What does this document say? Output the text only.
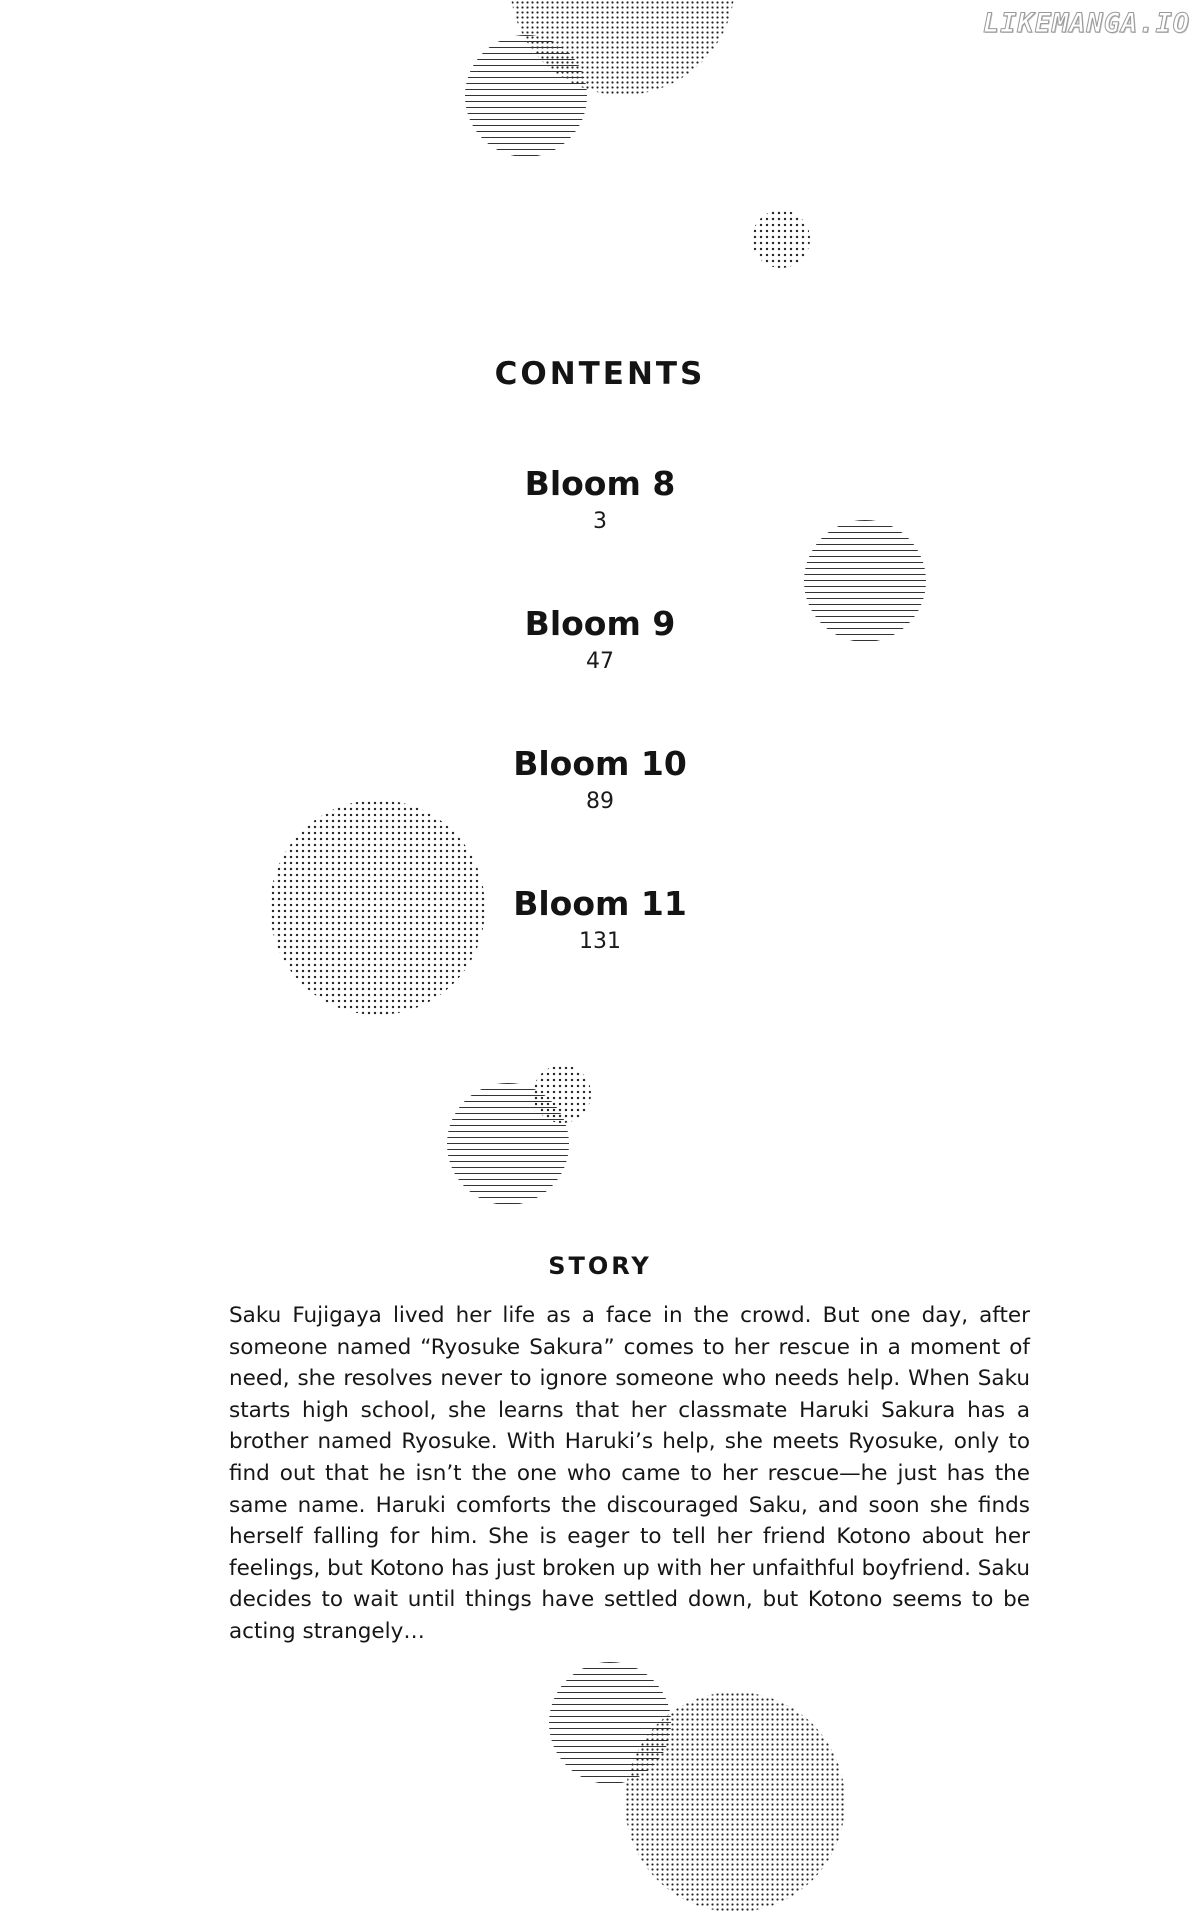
LIKEMANGA.IO
CONTENTS
Bloom 8
3
Bloom 9
47
Bloom 10
89
Bloom 11
131
STORY

Saku Fujigaya lived her life as a face in the crowd. But one day, after someone named “Ryosuke Sakura” comes to her rescue in a moment of need, she resolves never to ignore someone who needs help. When Saku starts high school, she learns that her classmate Haruki Sakura has a brother named Ryosuke. With Haruki’s help, she meets Ryosuke, only to find out that he isn’t the one who came to her rescue—he just has the same name. Haruki comforts the discouraged Saku, and soon she finds herself falling for him. She is eager to tell her friend Kotono about her feelings, but Kotono has just broken up with her unfaithful boyfriend. Saku decides to wait until things have settled down, but Kotono seems to be acting strangely…
